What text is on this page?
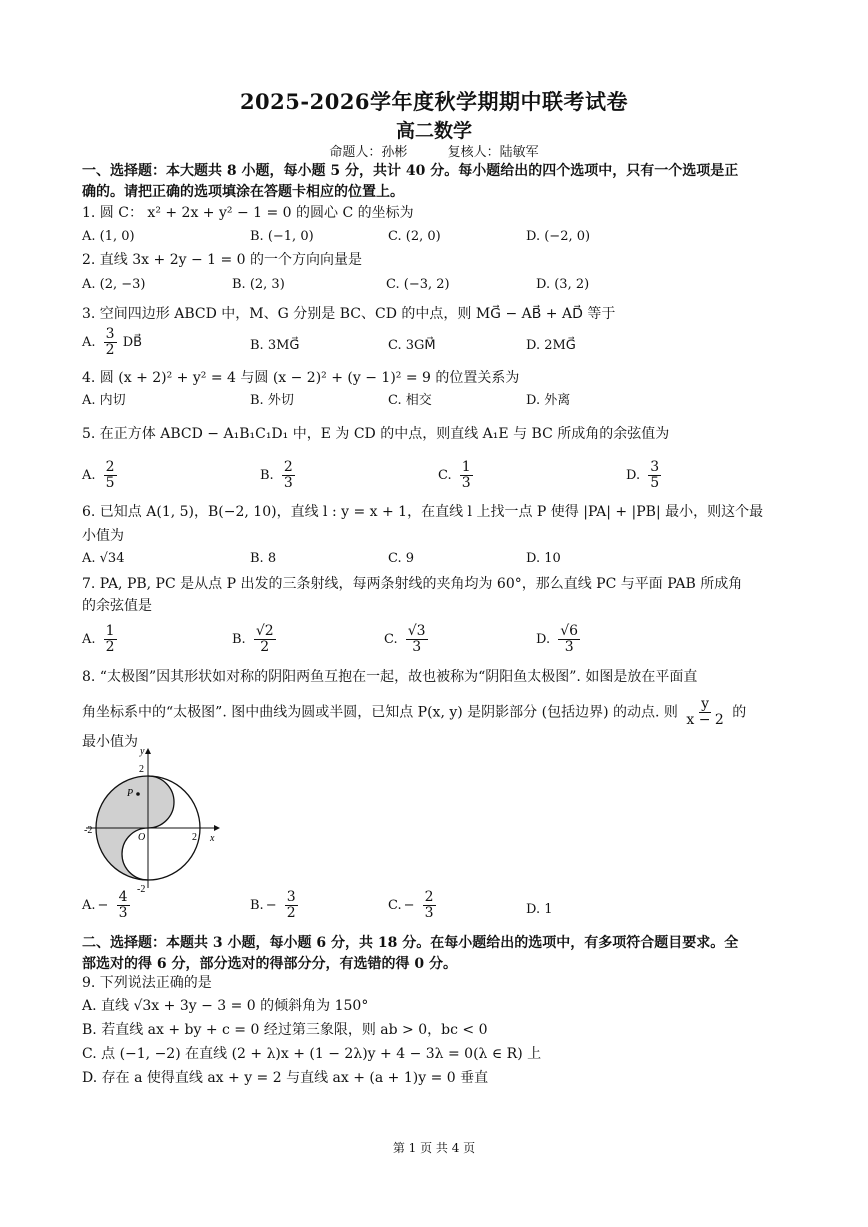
2025-2026学年度秋学期期中联考试卷
高二数学
命题人：孙彬	复核人：陆敏军
一、选择题：本大题共 8 小题，每小题 5 分，共计 40 分。每小题给出的四个选项中，只有一个选项是正
确的。请把正确的选项填涂在答题卡相应的位置上。
1. 圆 C： x² + 2x + y² − 1 = 0 的圆心 C 的坐标为
A. (1, 0)	B. (−1, 0)	C. (2, 0)	D. (−2, 0)
2. 直线 3x + 2y − 1 = 0 的一个方向向量是
A. (2, −3)	B. (2, 3)	C. (−3, 2)	D. (3, 2)
3. 空间四边形 ABCD 中，M、G 分别是 BC、CD 的中点，则 MG⃗ − AB⃗ + AD⃗ 等于
A. $\frac{3}{2}$ DB⃗	B. 3MG⃗	C. 3GM⃗	D. 2MG⃗
4. 圆 (x + 2)² + y² = 4 与圆 (x − 2)² + (y − 1)² = 9 的位置关系为
A. 内切	B. 外切	C. 相交	D. 外离
5. 在正方体 ABCD − A₁B₁C₁D₁ 中，E 为 CD 的中点，则直线 A₁E 与 BC 所成角的余弦值为
A. $\frac{2}{5}$	B. $\frac{2}{3}$	C. $\frac{1}{3}$	D. $\frac{3}{5}$
6. 已知点 A(1, 5)，B(−2, 10)，直线 l : y = x + 1，在直线 l 上找一点 P 使得 |PA| + |PB| 最小，则这个最
小值为
A. √34	B. 8	C. 9	D. 10
7. PA, PB, PC 是从点 P 出发的三条射线，每两条射线的夹角均为 60°，那么直线 PC 与平面 PAB 所成角
的余弦值是
A. $\frac{1}{2}$	B. $\frac{√2}{2}$	C. $\frac{√3}{3}$	D. $\frac{√6}{3}$
8. “太极图”因其形状如对称的阴阳两鱼互抱在一起，故也被称为“阴阳鱼太极图”. 如图是放在平面直
角坐标系中的“太极图”. 图中曲线为圆或半圆，已知点 P(x, y) 是阴影部分 (包括边界) 的动点. 则 $\frac{y}{x - 2}$ 的
最小值为
P
y
x
O
2
-2
2
-2
A. − $\frac{4}{3}$	B. − $\frac{3}{2}$	C. − $\frac{2}{3}$	D. 1
二、选择题：本题共 3 小题，每小题 6 分，共 18 分。在每小题给出的选项中，有多项符合题目要求。全
部选对的得 6 分，部分选对的得部分分，有选错的得 0 分。
9. 下列说法正确的是
A. 直线 √3x + 3y − 3 = 0 的倾斜角为 150°
B. 若直线 ax + by + c = 0 经过第三象限，则 ab > 0，bc < 0
C. 点 (−1, −2) 在直线 (2 + λ)x + (1 − 2λ)y + 4 − 3λ = 0(λ ∈ R) 上
D. 存在 a 使得直线 ax + y = 2 与直线 ax + (a + 1)y = 0 垂直
第 1 页 共 4 页
